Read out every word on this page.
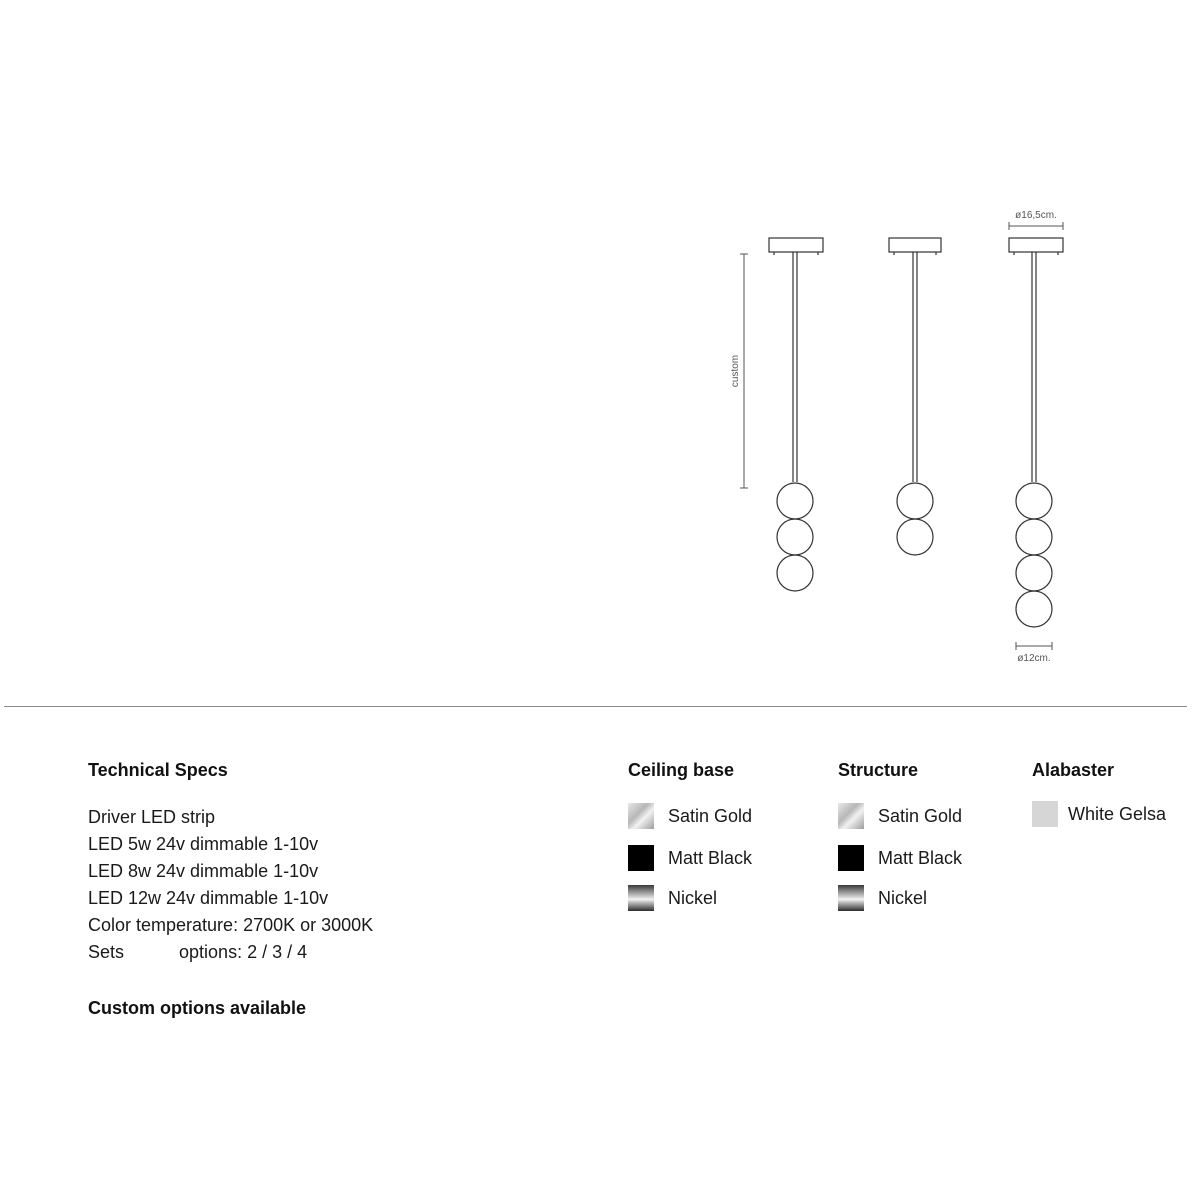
custom
ø16,5cm.
ø12cm.
Technical Specs
Driver LED strip
LED 5w 24v dimmable 1-10v
LED 8w 24v dimmable 1-10v
LED 12w 24v dimmable 1-10v
Color temperature: 2700K or 3000K
Sets           options: 2 / 3 / 4
Custom options available
Ceiling base
Satin Gold
Matt Black
Nickel
Structure
Satin Gold
Matt Black
Nickel
Alabaster
White Gelsa
